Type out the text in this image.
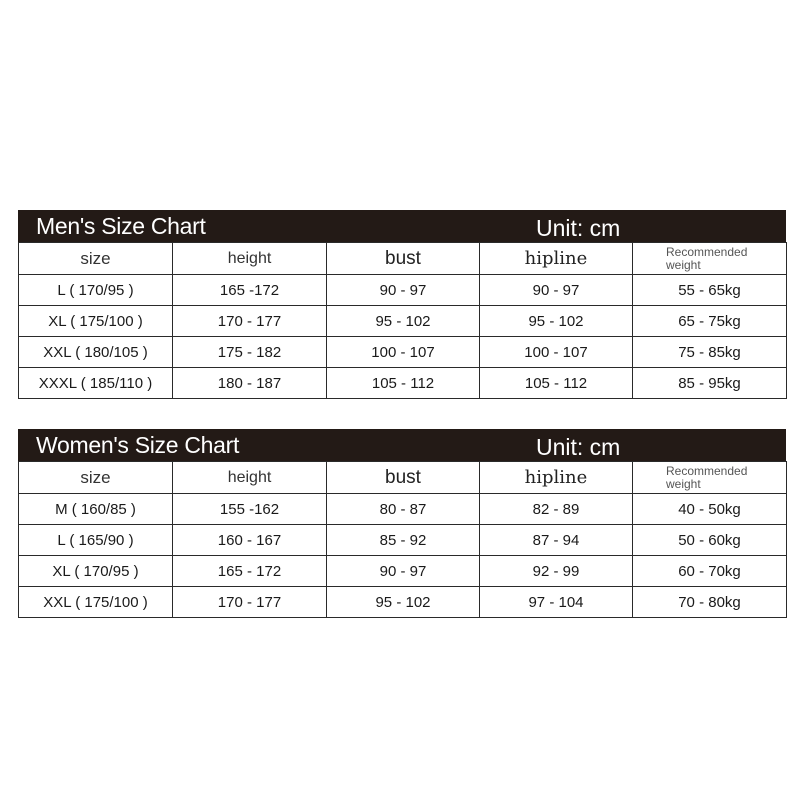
Men's Size Chart	Unit: cm
size	height	bust	hipline	Recommended
weight

L ( 170/95 )	165 -172	90 - 97	90 - 97	55 - 65kg
XL ( 175/100 )	170 - 177	95 - 102	95 - 102	65 - 75kg
XXL ( 180/105 )	175 - 182	100 - 107	100 - 107	75 - 85kg
XXXL ( 185/110 )	180 - 187	105 - 112	105 - 112	85 - 95kg
Women's Size Chart	Unit: cm
size	height	bust	hipline	Recommended
weight

M ( 160/85 )	155 -162	80 - 87	82 - 89	40 - 50kg
L ( 165/90 )	160 - 167	85 - 92	87 - 94	50 - 60kg
XL ( 170/95 )	165 - 172	90 - 97	92 - 99	60 - 70kg
XXL ( 175/100 )	170 - 177	95 - 102	97 - 104	70 - 80kg
